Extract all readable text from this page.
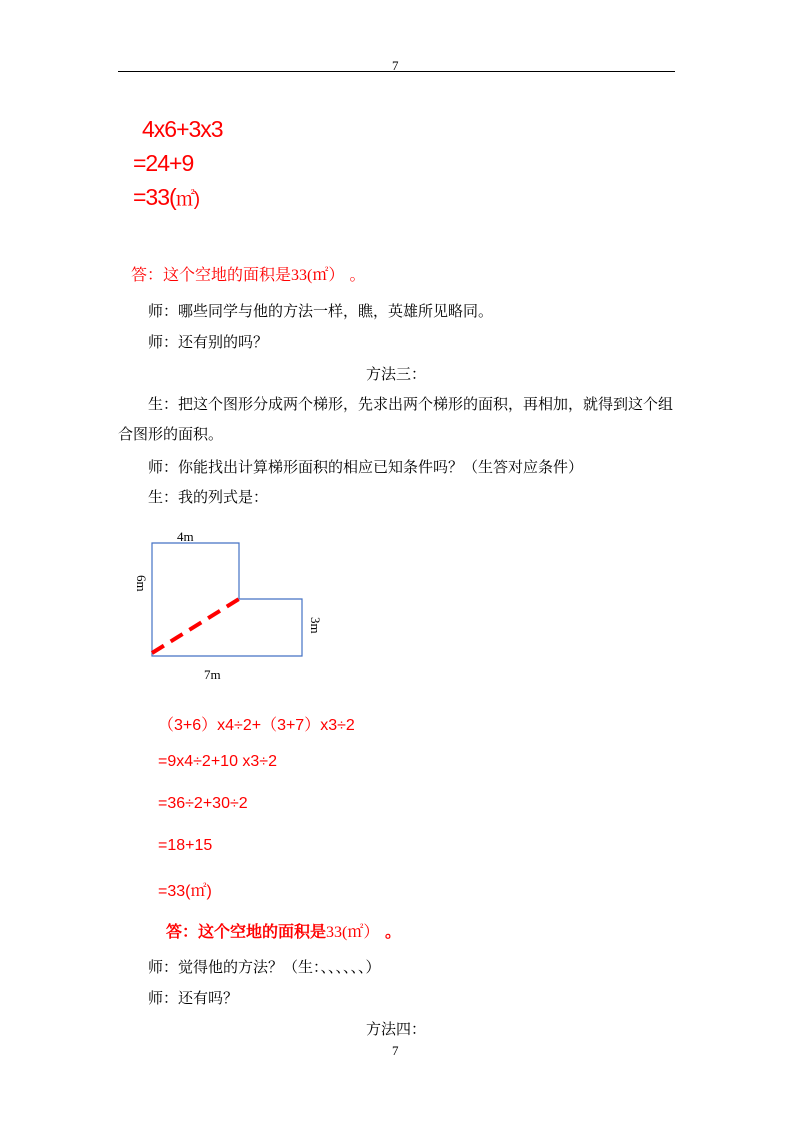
7
4x6+3x3
=24+9
=33(㎡)
答：这个空地的面积是33(㎡） 。
师：哪些同学与他的方法一样，瞧，英雄所见略同。
师：还有别的吗？
方法三：
生：把这个图形分成两个梯形，先求出两个梯形的面积，再相加，就得到这个组合图形的面积。
师：你能找出计算梯形面积的相应已知条件吗？（生答对应条件）
生：我的列式是：
4m
6m
3m
7m
（3+6）x4÷2+（3+7）x3÷2
=9x4÷2+10 x3÷2
=36÷2+30÷2
=18+15
=33(㎡)
答：这个空地的面积是33(㎡） 。
师：觉得他的方法？（生：、、、、、、）
师：还有吗？
方法四：
7
